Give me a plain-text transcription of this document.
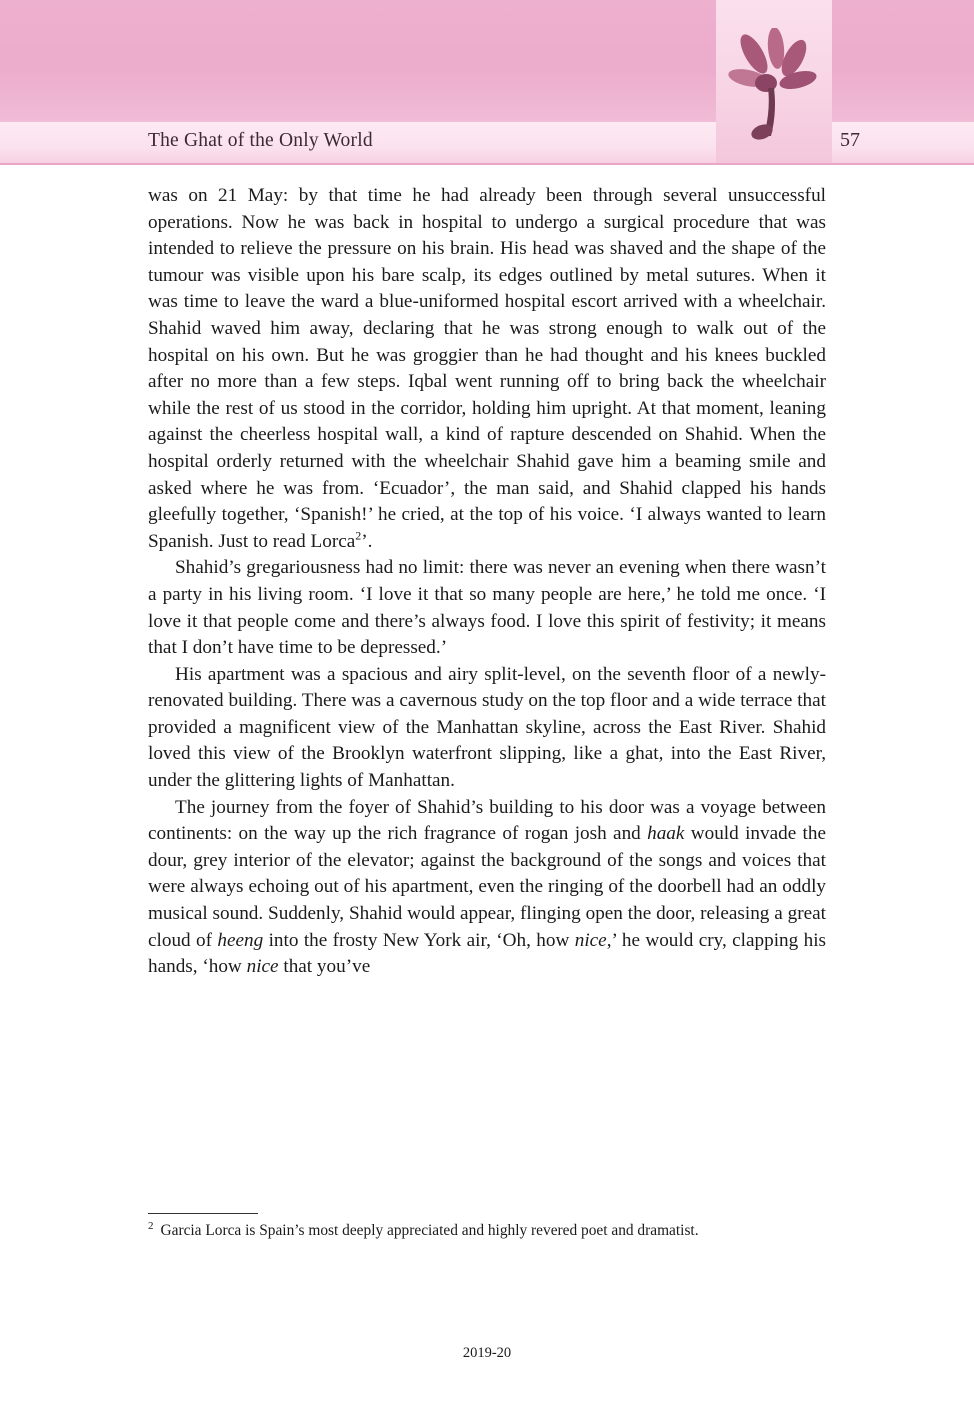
The Ghat of the Only World	57

was on 21 May: by that time he had already been through several unsuccessful operations. Now he was back in hospital to undergo a surgical procedure that was intended to relieve the pressure on his brain. His head was shaved and the shape of the tumour was visible upon his bare scalp, its edges outlined by metal sutures. When it was time to leave the ward a blue-uniformed hospital escort arrived with a wheelchair. Shahid waved him away, declaring that he was strong enough to walk out of the hospital on his own. But he was groggier than he had thought and his knees buckled after no more than a few steps. Iqbal went running off to bring back the wheelchair while the rest of us stood in the corridor, holding him upright. At that moment, leaning against the cheerless hospital wall, a kind of rapture descended on Shahid. When the hospital orderly returned with the wheelchair Shahid gave him a beaming smile and asked where he was from. ‘Ecuador’, the man said, and Shahid clapped his hands gleefully together, ‘Spanish!’ he cried, at the top of his voice. ‘I always wanted to learn Spanish. Just to read Lorca$^2$’.

Shahid’s gregariousness had no limit: there was never an evening when there wasn’t a party in his living room. ‘I love it that so many people are here,’ he told me once. ‘I love it that people come and there’s always food. I love this spirit of festivity; it means that I don’t have time to be depressed.’

His apartment was a spacious and airy split-level, on the seventh floor of a newly-renovated building. There was a cavernous study on the top floor and a wide terrace that provided a magnificent view of the Manhattan skyline, across the East River. Shahid loved this view of the Brooklyn waterfront slipping, like a ghat, into the East River, under the glittering lights of Manhattan.

The journey from the foyer of Shahid’s building to his door was a voyage between continents: on the way up the rich fragrance of rogan josh and haak would invade the dour, grey interior of the elevator; against the background of the songs and voices that were always echoing out of his apartment, even the ringing of the doorbell had an oddly musical sound. Suddenly, Shahid would appear, flinging open the door, releasing a great cloud of heeng into the frosty New York air, ‘Oh, how nice,’ he would cry, clapping his hands, ‘how nice that you’ve

$^2$ Garcia Lorca is Spain’s most deeply appreciated and highly revered poet and dramatist.
2019-20
